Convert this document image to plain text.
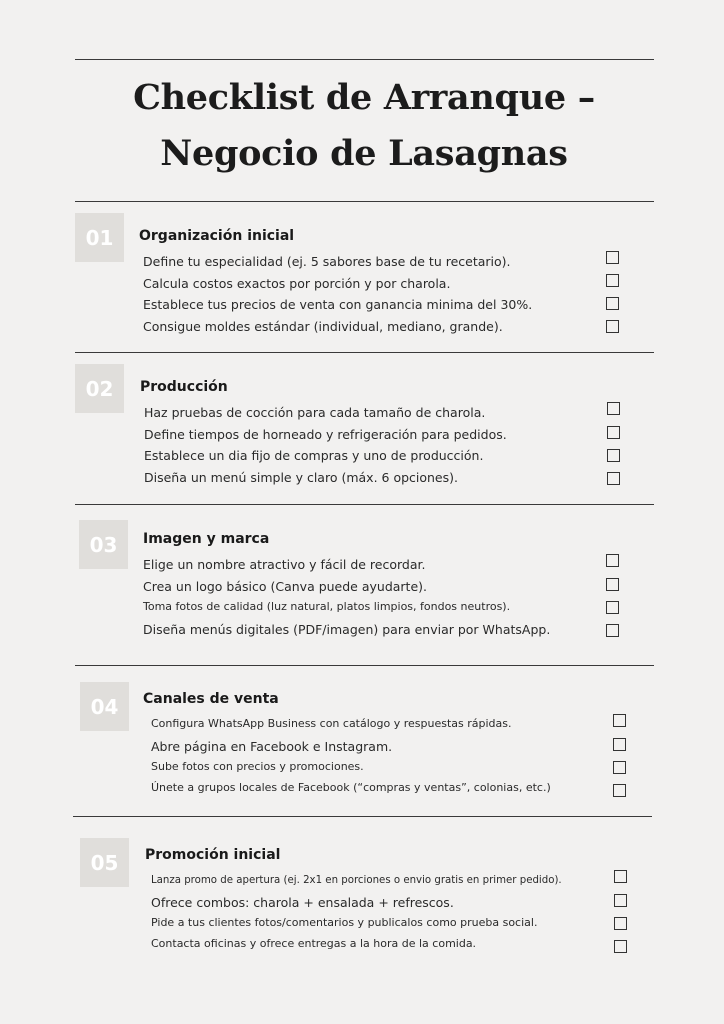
Checklist de Arranque –
Negocio de Lasagnas
01	Organización inicial
Define tu especialidad (ej. 5 sabores base de tu recetario).
Calcula costos exactos por porción y por charola.
Establece tus precios de venta con ganancia minima del 30%.
Consigue moldes estándar (individual, mediano, grande).
02	Producción
Haz pruebas de cocción para cada tamaño de charola.
Define tiempos de horneado y refrigeración para pedidos.
Establece un dia fijo de compras y uno de producción.
Diseña un menú simple y claro (máx. 6 opciones).
03	Imagen y marca
Elige un nombre atractivo y fácil de recordar.
Crea un logo básico (Canva puede ayudarte).
Toma fotos de calidad (luz natural, platos limpios, fondos neutros).
Diseña menús digitales (PDF/imagen) para enviar por WhatsApp.
04	Canales de venta
Configura WhatsApp Business con catálogo y respuestas rápidas.
Abre página en Facebook e Instagram.
Sube fotos con precios y promociones.
Únete a grupos locales de Facebook (“compras y ventas”, colonias, etc.)
05	Promoción inicial
Lanza promo de apertura (ej. 2x1 en porciones o envio gratis en primer pedido).
Ofrece combos: charola + ensalada + refrescos.
Pide a tus clientes fotos/comentarios y publicalos como prueba social.
Contacta oficinas y ofrece entregas a la hora de la comida.
